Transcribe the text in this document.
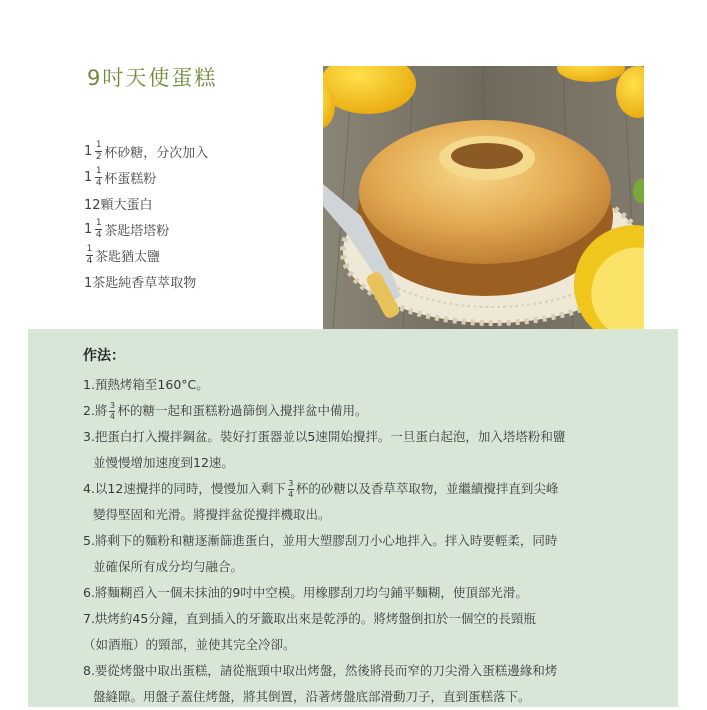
9吋天使蛋糕
$1 \frac{1}{2}$ 杯砂糖，分次加入
$1 \frac{1}{4}$ 杯蛋糕粉
12顆大蛋白
$1 \frac{1}{4}$ 茶匙塔塔粉
$\frac{1}{4}$ 茶匙猶太鹽
1茶匙純香草萃取物
作法：
1.預熱烤箱至160°C。
2.將 $\frac{3}{4}$ 杯的糖一起和蛋糕粉過篩倒入攪拌盆中備用。
3.把蛋白打入攪拌鋼盆。裝好打蛋器並以5速開始攪拌。一旦蛋白起泡，加入塔塔粉和鹽
並慢慢增加速度到12速。
4.以12速攪拌的同時，慢慢加入剩下 $\frac{3}{4}$ 杯的砂糖以及香草萃取物，並繼續攪拌直到尖峰
變得堅固和光滑。將攪拌盆從攪拌機取出。
5.將剩下的麵粉和糖逐漸篩進蛋白，並用大塑膠刮刀小心地拌入。拌入時要輕柔，同時
並確保所有成分均勻融合。
6.將麵糊舀入一個未抹油的9吋中空模。用橡膠刮刀均勻鋪平麵糊，使頂部光滑。
7.烘烤約45分鐘，直到插入的牙籤取出來是乾淨的。將烤盤倒扣於一個空的長頸瓶
（如酒瓶）的頸部，並使其完全冷卻。
8.要從烤盤中取出蛋糕，請從瓶頸中取出烤盤，然後將長而窄的刀尖滑入蛋糕邊緣和烤
盤縫隙。用盤子蓋住烤盤，將其倒置，沿著烤盤底部滑動刀子，直到蛋糕落下。
